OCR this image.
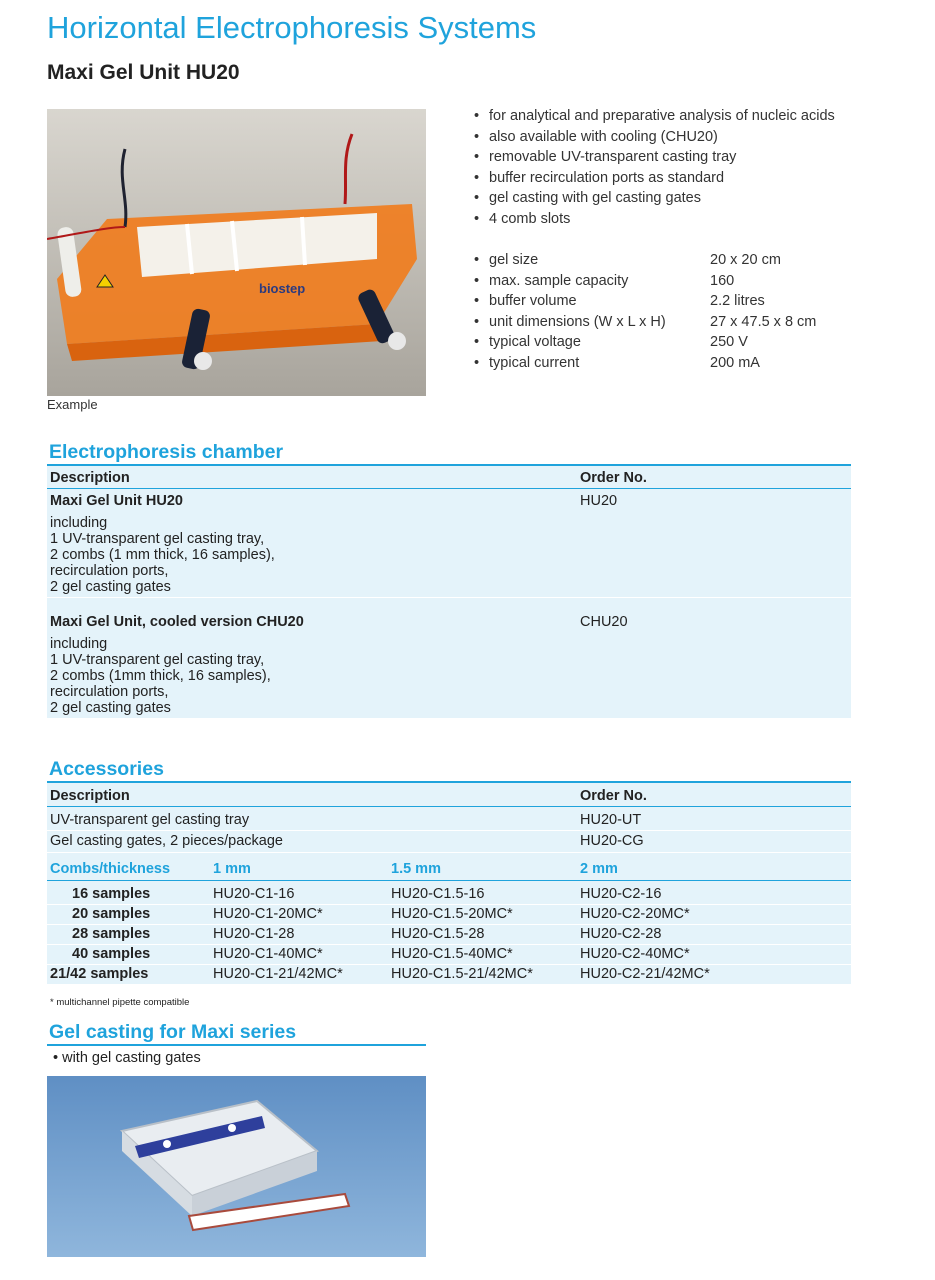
Horizontal Electrophoresis Systems
Maxi Gel Unit HU20
biostep
Example
• for analytical and preparative analysis of nucleic acids
• also available with cooling (CHU20)
• removable UV-transparent casting tray
• buffer recirculation ports as standard
• gel casting with gel casting gates
• 4 comb slots
• gel size	20 x 20 cm
• max. sample capacity	160
• buffer volume	2.2 litres
• unit dimensions (W x L x H)	27 x 47.5 x 8 cm
• typical voltage	250 V
• typical current	200 mA
Electrophoresis chamber
Description	Order No.
Maxi Gel Unit HU20	HU20
including
1 UV-transparent gel casting tray,
2 combs (1 mm thick, 16 samples),
recirculation ports,
2 gel casting gates
Maxi Gel Unit, cooled version CHU20	CHU20
including
1 UV-transparent gel casting tray,
2 combs (1mm thick, 16 samples),
recirculation ports,
2 gel casting gates
Accessories
Description	Order No.
UV-transparent gel casting tray	HU20-UT
Gel casting gates, 2 pieces/package	HU20-CG
Combs/thickness	1 mm	1.5 mm	2 mm
16 samples	HU20-C1-16	HU20-C1.5-16	HU20-C2-16
20 samples	HU20-C1-20MC*	HU20-C1.5-20MC*	HU20-C2-20MC*
28 samples	HU20-C1-28	HU20-C1.5-28	HU20-C2-28
40 samples	HU20-C1-40MC*	HU20-C1.5-40MC*	HU20-C2-40MC*
21/42 samples	HU20-C1-21/42MC*	HU20-C1.5-21/42MC*	HU20-C2-21/42MC*
* multichannel pipette compatible
Gel casting for Maxi series
• with gel casting gates
